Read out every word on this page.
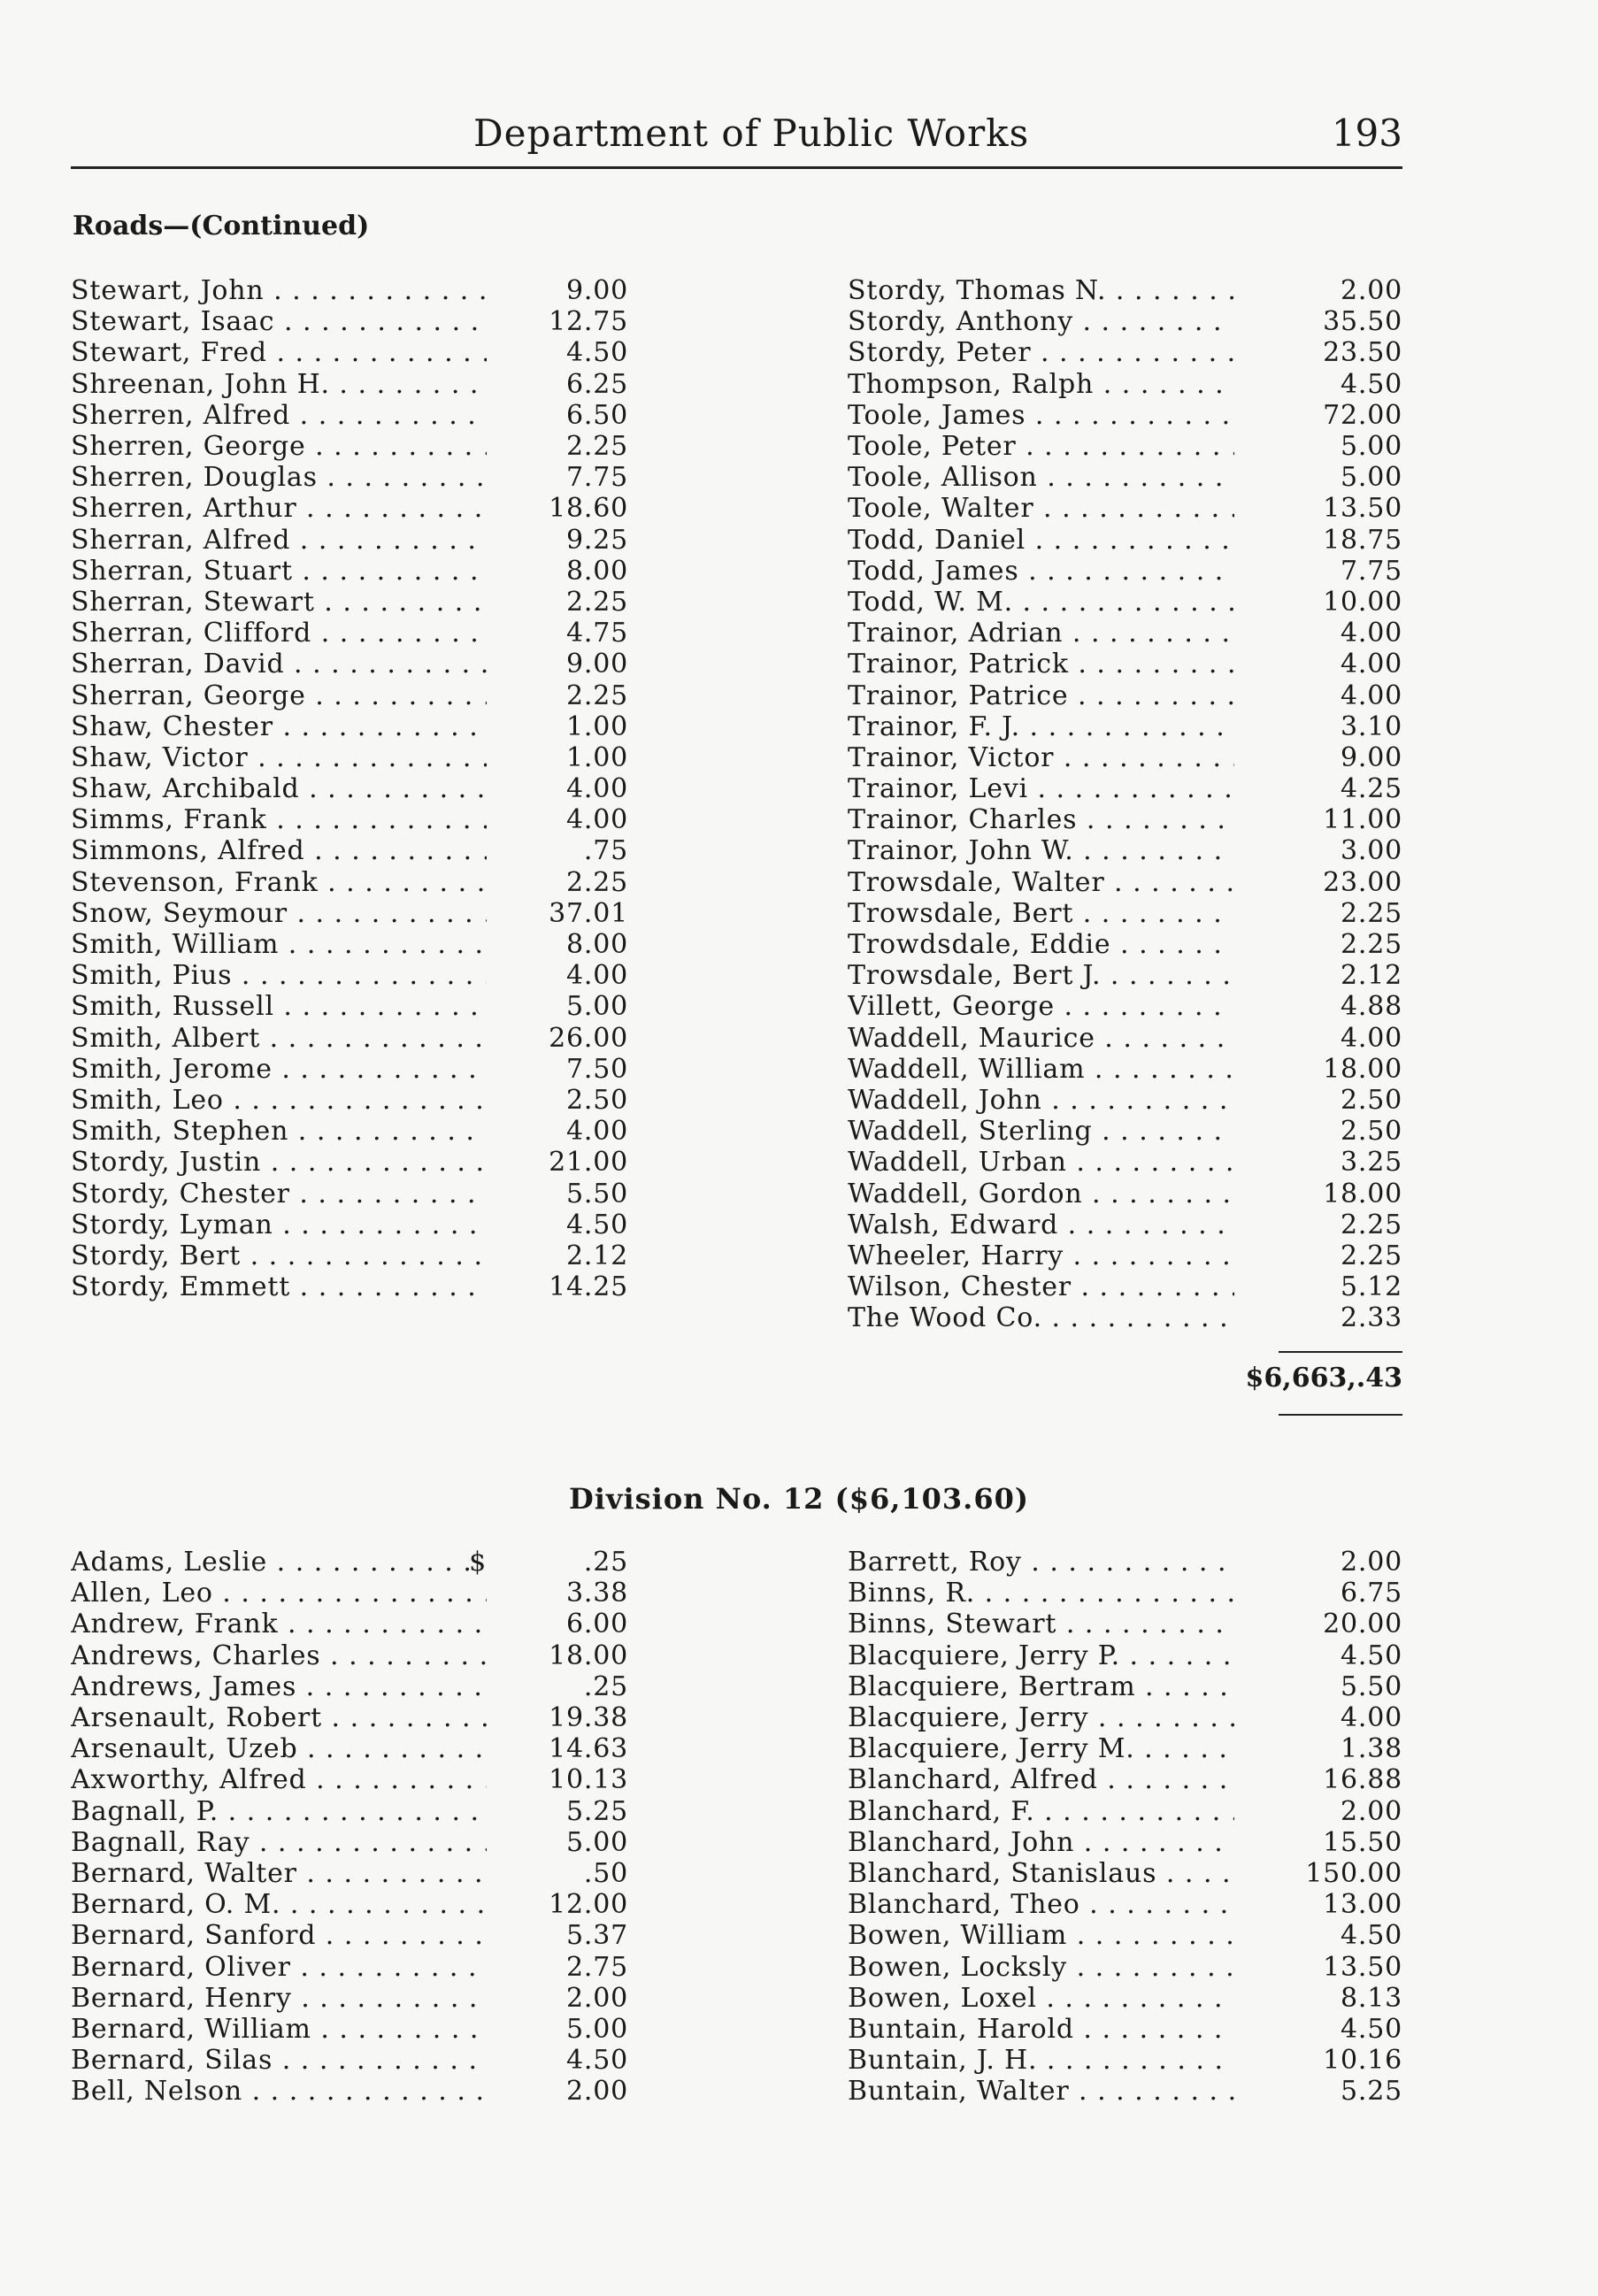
Department of Public Works	193
Roads—(Continued)
Stewart, John . . .	9.00
Stewart, Isaac . . .	12.75
Stewart, Fred . . .	4.50
Shreenan, John H. . . .	6.25
Sherren, Alfred . . .	6.50
Sherren, George . . .	2.25
Sherren, Douglas . . .	7.75
Sherren, Arthur . . .	18.60
Sherran, Alfred . . .	9.25
Sherran, Stuart . . .	8.00
Sherran, Stewart . . .	2.25
Sherran, Clifford . . .	4.75
Sherran, David . . .	9.00
Sherran, George . . .	2.25
Shaw, Chester . . .	1.00
Shaw, Victor . . .	1.00
Shaw, Archibald . . .	4.00
Simms, Frank . . .	4.00
Simmons, Alfred . . .	.75
Stevenson, Frank . . .	2.25
Snow, Seymour . . .	37.01
Smith, William . . .	8.00
Smith, Pius . . .	4.00
Smith, Russell . . .	5.00
Smith, Albert . . .	26.00
Smith, Jerome . . .	7.50
Smith, Leo . . .	2.50
Smith, Stephen . . .	4.00
Stordy, Justin . . .	21.00
Stordy, Chester . . .	5.50
Stordy, Lyman . . .	4.50
Stordy, Bert . . .	2.12
Stordy, Emmett . . .	14.25
Stordy, Thomas N. . . .	2.00
Stordy, Anthony . . .	35.50
Stordy, Peter . . .	23.50
Thompson, Ralph . . .	4.50
Toole, James . . .	72.00
Toole, Peter . . .	5.00
Toole, Allison . . .	5.00
Toole, Walter . . .	13.50
Todd, Daniel . . .	18.75
Todd, James . . .	7.75
Todd, W. M. . . .	10.00
Trainor, Adrian . . .	4.00
Trainor, Patrick . . .	4.00
Trainor, Patrice . . .	4.00
Trainor, F. J. . . .	3.10
Trainor, Victor . . .	9.00
Trainor, Levi . . .	4.25
Trainor, Charles . . .	11.00
Trainor, John W. . . .	3.00
Trowsdale, Walter . . .	23.00
Trowsdale, Bert . . .	2.25
Trowdsdale, Eddie . . .	2.25
Trowsdale, Bert J. . . .	2.12
Villett, George . . .	4.88
Waddell, Maurice . . .	4.00
Waddell, William . . .	18.00
Waddell, John . . .	2.50
Waddell, Sterling . . .	2.50
Waddell, Urban . . .	3.25
Waddell, Gordon . . .	18.00
Walsh, Edward . . .	2.25
Wheeler, Harry . . .	2.25
Wilson, Chester . . .	5.12
The Wood Co. . . .	2.33
$6,663,.43
Division No. 12 ($6,103.60)
Adams, Leslie . . .	$	.25
Allen, Leo . . .	3.38
Andrew, Frank . . .	6.00
Andrews, Charles . . .	18.00
Andrews, James . . .	.25
Arsenault, Robert . . .	19.38
Arsenault, Uzeb . . .	14.63
Axworthy, Alfred . . .	10.13
Bagnall, P. . . .	5.25
Bagnall, Ray . . .	5.00
Bernard, Walter . . .	.50
Bernard, O. M. . . .	12.00
Bernard, Sanford . . .	5.37
Bernard, Oliver . . .	2.75
Bernard, Henry . . .	2.00
Bernard, William . . .	5.00
Bernard, Silas . . .	4.50
Bell, Nelson . . .	2.00
Barrett, Roy . . .	2.00
Binns, R. . . .	6.75
Binns, Stewart . . .	20.00
Blacquiere, Jerry P. . . .	4.50
Blacquiere, Bertram . . .	5.50
Blacquiere, Jerry . . .	4.00
Blacquiere, Jerry M. . . .	1.38
Blanchard, Alfred . . .	16.88
Blanchard, F. . . .	2.00
Blanchard, John . . .	15.50
Blanchard, Stanislaus . . .	150.00
Blanchard, Theo . . .	13.00
Bowen, William . . .	4.50
Bowen, Locksly . . .	13.50
Bowen, Loxel . . .	8.13
Buntain, Harold . . .	4.50
Buntain, J. H. . . .	10.16
Buntain, Walter . . .	5.25
